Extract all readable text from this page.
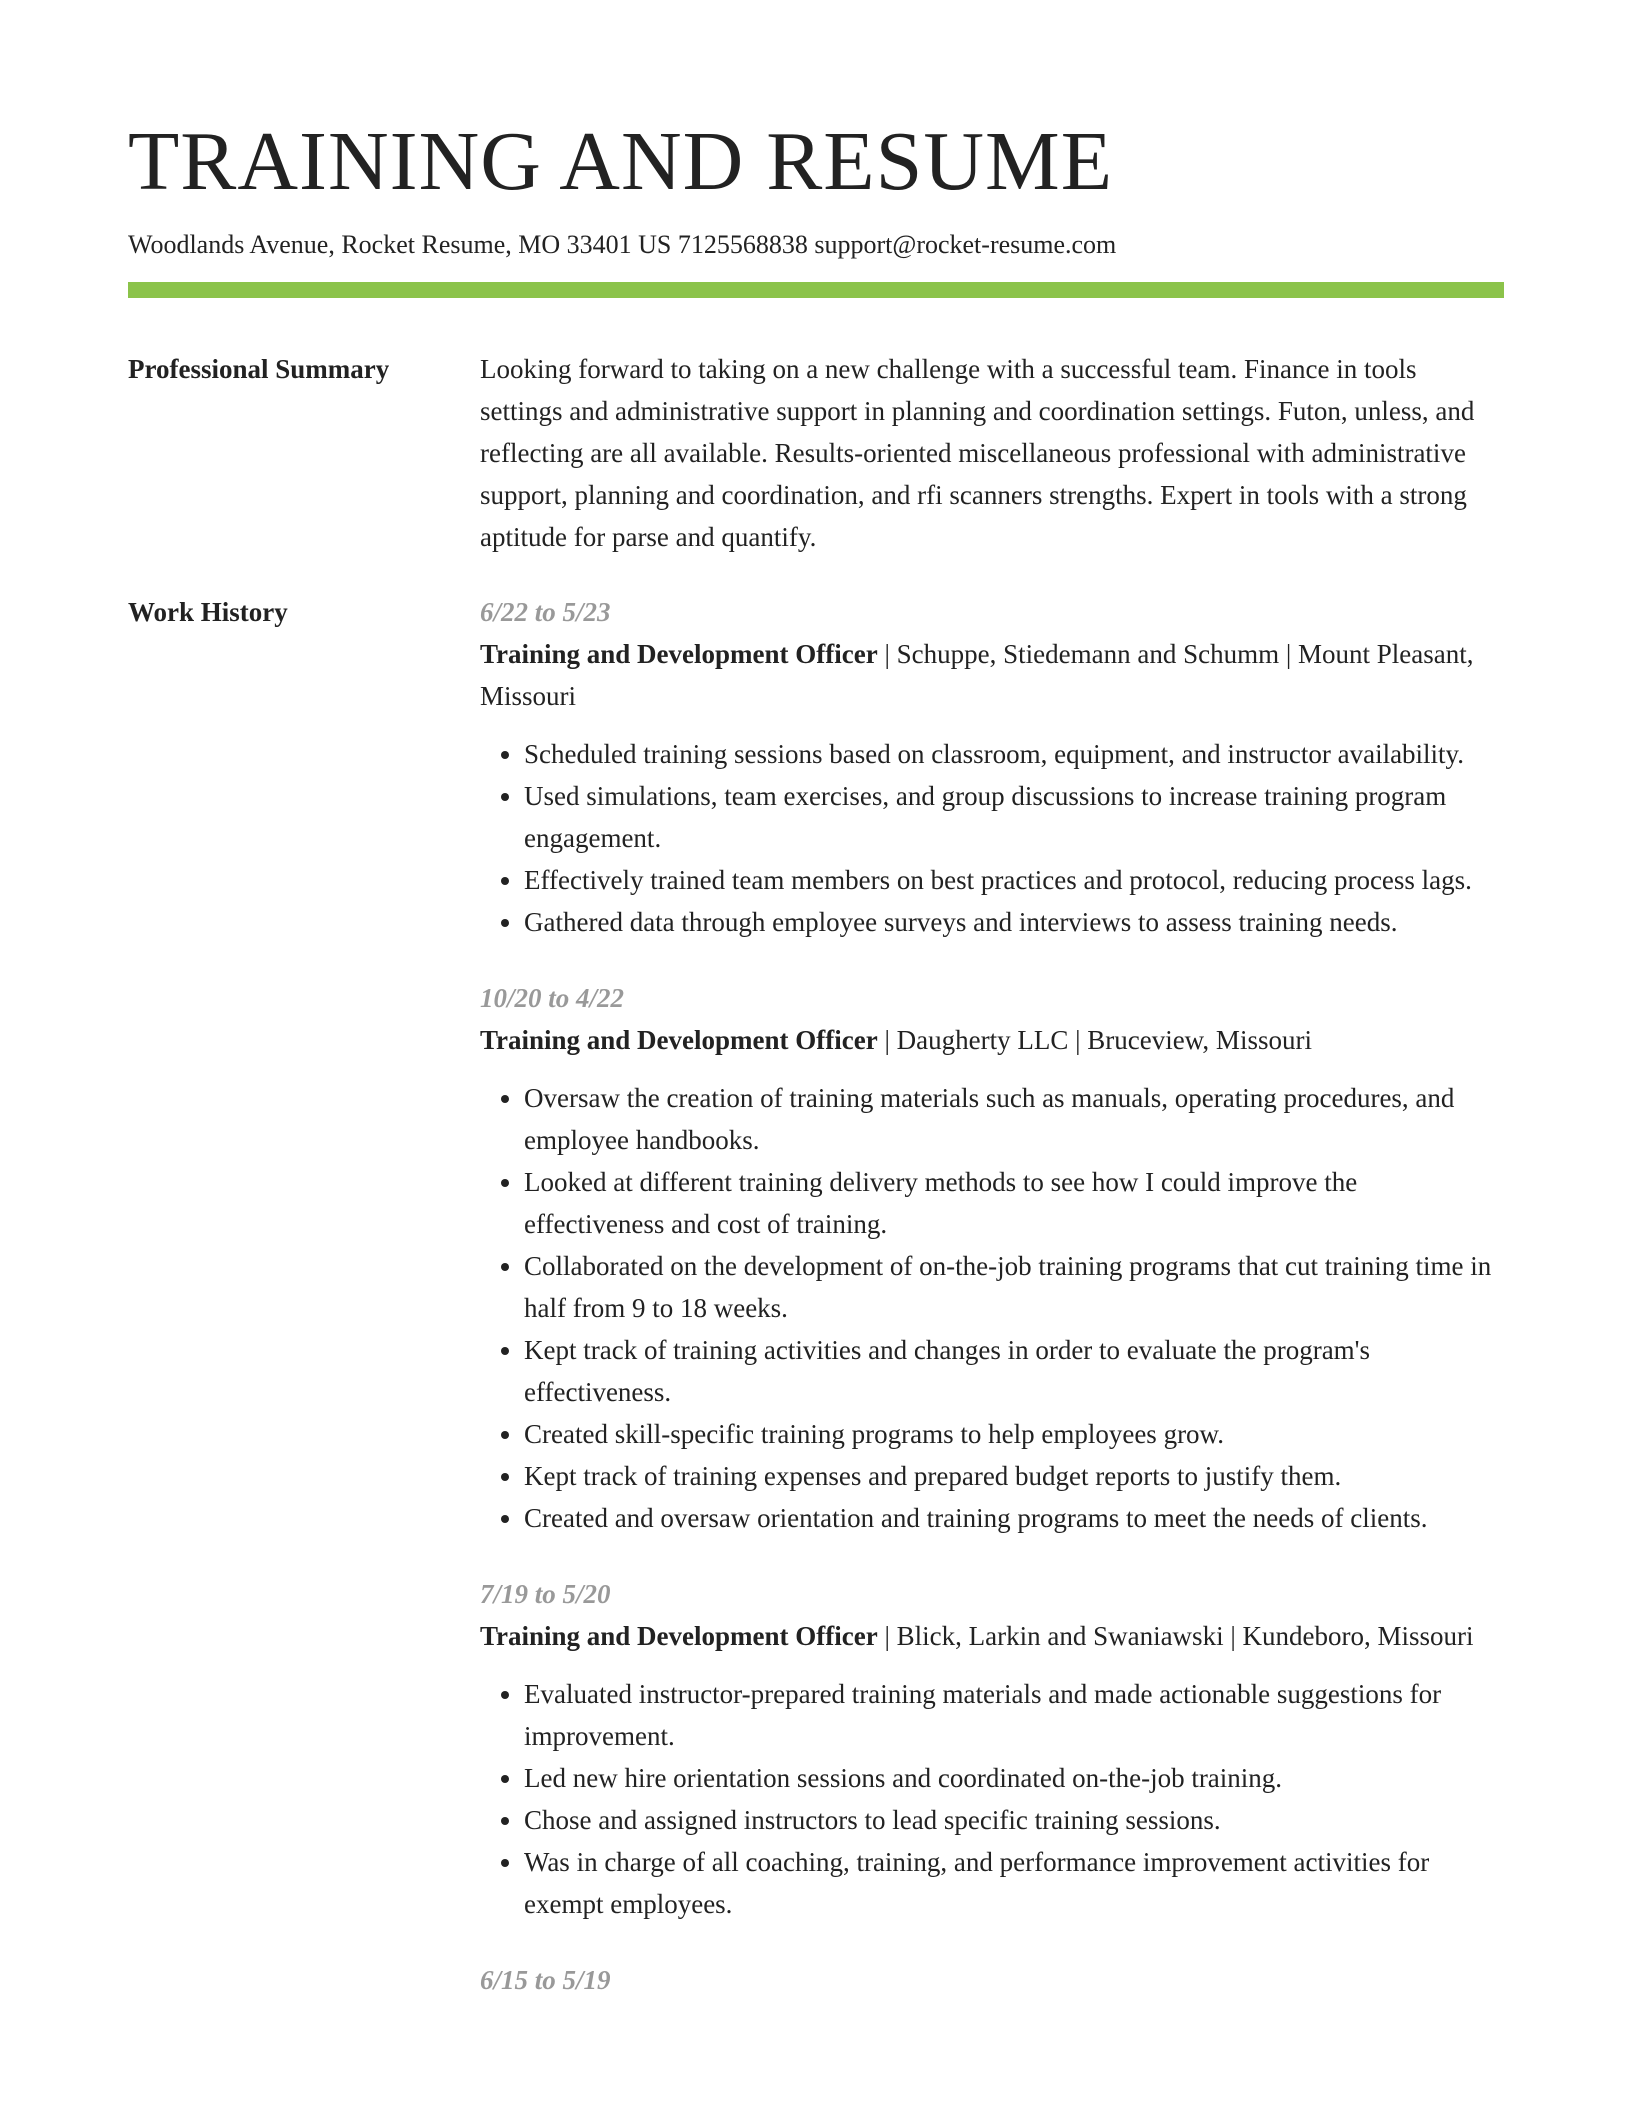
TRAINING AND RESUME
Woodlands Avenue, Rocket Resume, MO 33401 US 7125568838 support@rocket-resume.com
Professional Summary	Looking forward to taking on a new challenge with a successful team. Finance in tools settings and administrative support in planning and coordination settings. Futon, unless, and reflecting are all available. Results-oriented miscellaneous professional with administrative support, planning and coordination, and rfi scanners strengths. Expert in tools with a strong aptitude for parse and quantify.
Work History	6/22 to 5/23
Training and Development Officer | Schuppe, Stiedemann and Schumm | Mount Pleasant, Missouri
• Scheduled training sessions based on classroom, equipment, and instructor availability.
• Used simulations, team exercises, and group discussions to increase training program engagement.
• Effectively trained team members on best practices and protocol, reducing process lags.
• Gathered data through employee surveys and interviews to assess training needs.
10/20 to 4/22
Training and Development Officer | Daugherty LLC | Bruceview, Missouri
• Oversaw the creation of training materials such as manuals, operating procedures, and employee handbooks.
• Looked at different training delivery methods to see how I could improve the effectiveness and cost of training.
• Collaborated on the development of on-the-job training programs that cut training time in half from 9 to 18 weeks.
• Kept track of training activities and changes in order to evaluate the program's effectiveness.
• Created skill-specific training programs to help employees grow.
• Kept track of training expenses and prepared budget reports to justify them.
• Created and oversaw orientation and training programs to meet the needs of clients.
7/19 to 5/20
Training and Development Officer | Blick, Larkin and Swaniawski | Kundeboro, Missouri
• Evaluated instructor-prepared training materials and made actionable suggestions for improvement.
• Led new hire orientation sessions and coordinated on-the-job training.
• Chose and assigned instructors to lead specific training sessions.
• Was in charge of all coaching, training, and performance improvement activities for exempt employees.
6/15 to 5/19
